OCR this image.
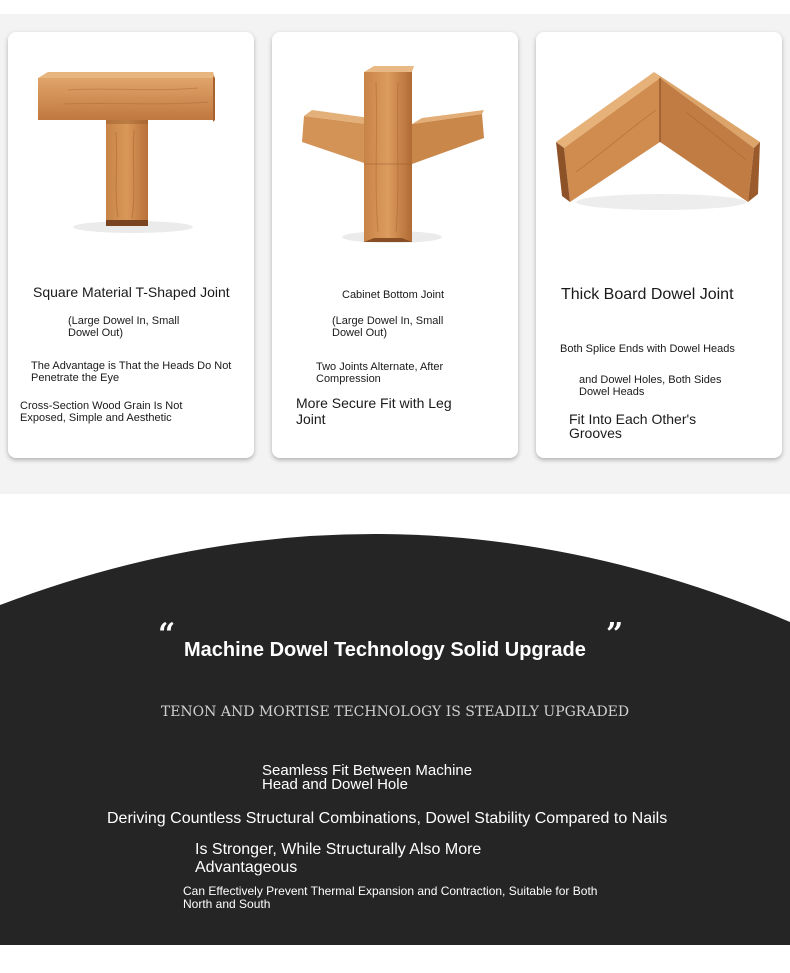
Square Material T-Shaped Joint
(Large Dowel In, Small Dowel Out)
The Advantage is That the Heads Do Not Penetrate the Eye
Cross-Section Wood Grain Is Not Exposed, Simple and Aesthetic
Cabinet Bottom Joint
(Large Dowel In, Small Dowel Out)
Two Joints Alternate, After Compression
More Secure Fit with Leg Joint
Thick Board Dowel Joint
Both Splice Ends with Dowel Heads
and Dowel Holes, Both Sides Dowel Heads
Fit Into Each Other's Grooves
“	”
Machine Dowel Technology Solid Upgrade
TENON AND MORTISE TECHNOLOGY IS STEADILY UPGRADED
Seamless Fit Between Machine Head and Dowel Hole
Deriving Countless Structural Combinations, Dowel Stability Compared to Nails
Is Stronger, While Structurally Also More Advantageous
Can Effectively Prevent Thermal Expansion and Contraction, Suitable for Both North and South
